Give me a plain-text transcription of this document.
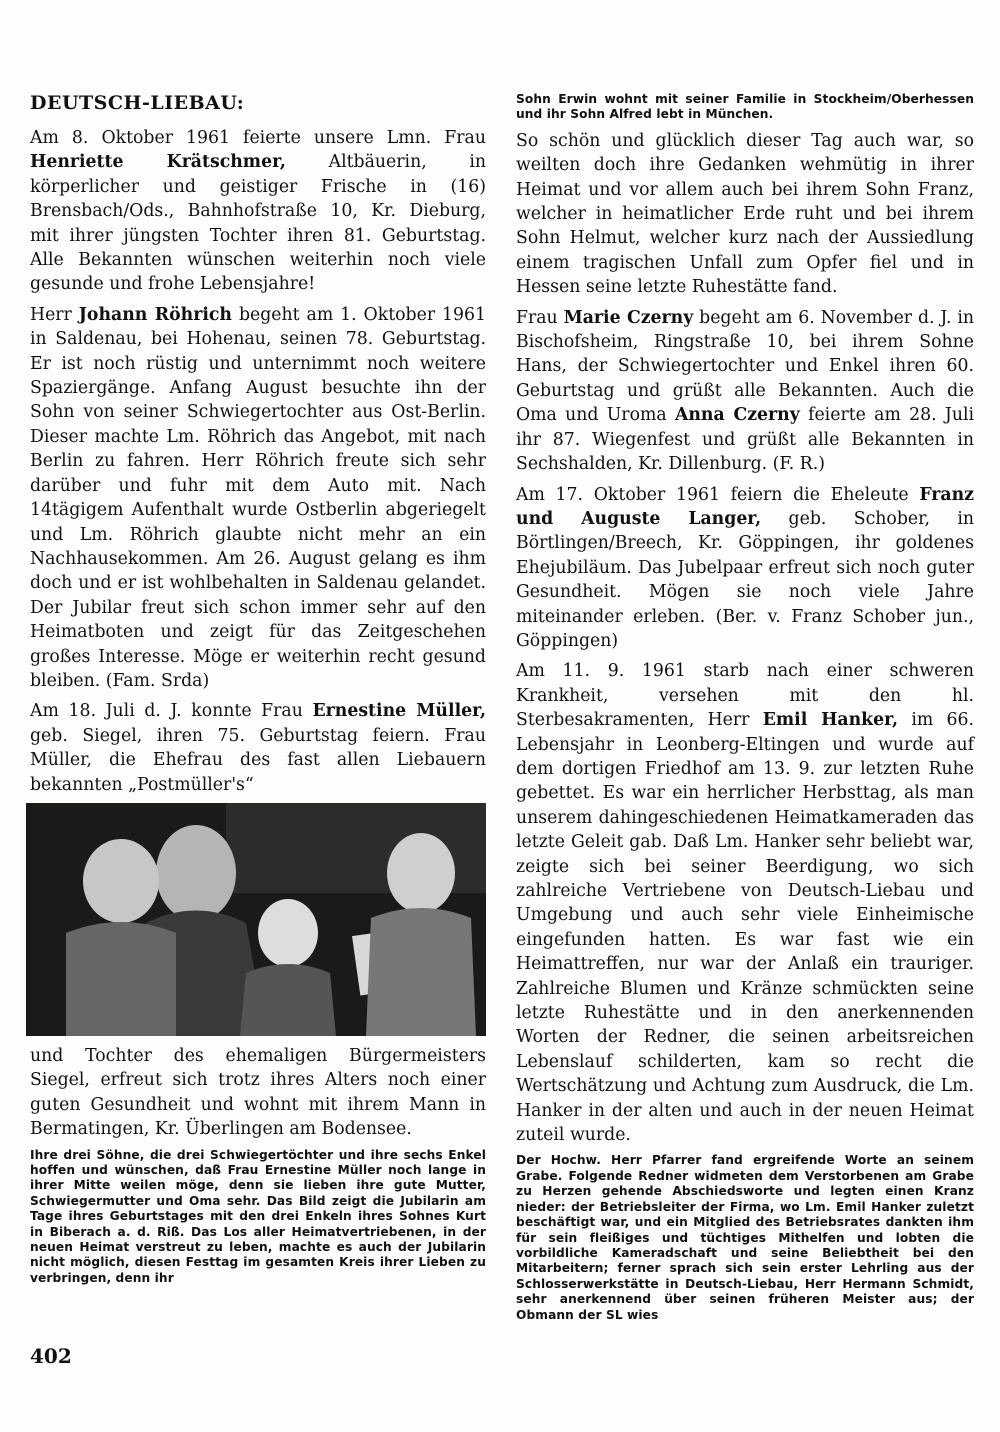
DEUTSCH-LIEBAU:

Am 8. Oktober 1961 feierte unsere Lmn. Frau Henriette Krätschmer, Altbäuerin, in körperlicher und geistiger Frische in (16) Brensbach/Ods., Bahnhofstraße 10, Kr. Dieburg, mit ihrer jüngsten Tochter ihren 81. Geburtstag. Alle Bekannten wünschen weiterhin noch viele gesunde und frohe Lebensjahre!

Herr Johann Röhrich begeht am 1. Oktober 1961 in Saldenau, bei Hohenau, seinen 78. Geburtstag. Er ist noch rüstig und unternimmt noch weitere Spaziergänge. Anfang August besuchte ihn der Sohn von seiner Schwiegertochter aus Ost-Berlin. Dieser machte Lm. Röhrich das Angebot, mit nach Berlin zu fahren. Herr Röhrich freute sich sehr darüber und fuhr mit dem Auto mit. Nach 14tägigem Aufenthalt wurde Ostberlin abgeriegelt und Lm. Röhrich glaubte nicht mehr an ein Nachhausekommen. Am 26. August gelang es ihm doch und er ist wohlbehalten in Saldenau gelandet. Der Jubilar freut sich schon immer sehr auf den Heimatboten und zeigt für das Zeitgeschehen großes Interesse. Möge er weiterhin recht gesund bleiben. (Fam. Srda)

Am 18. Juli d. J. konnte Frau Ernestine Müller, geb. Siegel, ihren 75. Geburtstag feiern. Frau Müller, die Ehefrau des fast allen Liebauern bekannten „Postmüller's“

und Tochter des ehemaligen Bürgermeisters Siegel, erfreut sich trotz ihres Alters noch einer guten Gesundheit und wohnt mit ihrem Mann in Bermatingen, Kr. Überlingen am Bodensee.

Ihre drei Söhne, die drei Schwiegertöchter und ihre sechs Enkel hoffen und wünschen, daß Frau Ernestine Müller noch lange in ihrer Mitte weilen möge, denn sie lieben ihre gute Mutter, Schwiegermutter und Oma sehr. Das Bild zeigt die Jubilarin am Tage ihres Geburtstages mit den drei Enkeln ihres Sohnes Kurt in Biberach a. d. Riß. Das Los aller Heimatvertriebenen, in der neuen Heimat verstreut zu leben, machte es auch der Jubilarin nicht möglich, diesen Festtag im gesamten Kreis ihrer Lieben zu verbringen, denn ihr

Sohn Erwin wohnt mit seiner Familie in Stockheim/Oberhessen und ihr Sohn Alfred lebt in München.

So schön und glücklich dieser Tag auch war, so weilten doch ihre Gedanken wehmütig in ihrer Heimat und vor allem auch bei ihrem Sohn Franz, welcher in heimatlicher Erde ruht und bei ihrem Sohn Helmut, welcher kurz nach der Aussiedlung einem tragischen Unfall zum Opfer fiel und in Hessen seine letzte Ruhestätte fand.

Frau Marie Czerny begeht am 6. November d. J. in Bischofsheim, Ringstraße 10, bei ihrem Sohne Hans, der Schwiegertochter und Enkel ihren 60. Geburtstag und grüßt alle Bekannten. Auch die Oma und Uroma Anna Czerny feierte am 28. Juli ihr 87. Wiegenfest und grüßt alle Bekannten in Sechshalden, Kr. Dillenburg. (F. R.)

Am 17. Oktober 1961 feiern die Eheleute Franz und Auguste Langer, geb. Schober, in Börtlingen/Breech, Kr. Göppingen, ihr goldenes Ehejubiläum. Das Jubelpaar erfreut sich noch guter Gesundheit. Mögen sie noch viele Jahre miteinander erleben. (Ber. v. Franz Schober jun., Göppingen)

Am 11. 9. 1961 starb nach einer schweren Krankheit, versehen mit den hl. Sterbesakramenten, Herr Emil Hanker, im 66. Lebensjahr in Leonberg-Eltingen und wurde auf dem dortigen Friedhof am 13. 9. zur letzten Ruhe gebettet. Es war ein herrlicher Herbsttag, als man unserem dahingeschiedenen Heimatkameraden das letzte Geleit gab. Daß Lm. Hanker sehr beliebt war, zeigte sich bei seiner Beerdigung, wo sich zahlreiche Vertriebene von Deutsch-Liebau und Umgebung und auch sehr viele Einheimische eingefunden hatten. Es war fast wie ein Heimattreffen, nur war der Anlaß ein trauriger. Zahlreiche Blumen und Kränze schmückten seine letzte Ruhestätte und in den anerkennenden Worten der Redner, die seinen arbeitsreichen Lebenslauf schilderten, kam so recht die Wertschätzung und Achtung zum Ausdruck, die Lm. Hanker in der alten und auch in der neuen Heimat zuteil wurde.

Der Hochw. Herr Pfarrer fand ergreifende Worte an seinem Grabe. Folgende Redner widmeten dem Verstorbenen am Grabe zu Herzen gehende Abschiedsworte und legten einen Kranz nieder: der Betriebsleiter der Firma, wo Lm. Emil Hanker zuletzt beschäftigt war, und ein Mitglied des Betriebsrates dankten ihm für sein fleißiges und tüchtiges Mithelfen und lobten die vorbildliche Kameradschaft und seine Beliebtheit bei den Mitarbeitern; ferner sprach sich sein erster Lehrling aus der Schlosserwerkstätte in Deutsch-Liebau, Herr Hermann Schmidt, sehr anerkennend über seinen früheren Meister aus; der Obmann der SL wies

402
